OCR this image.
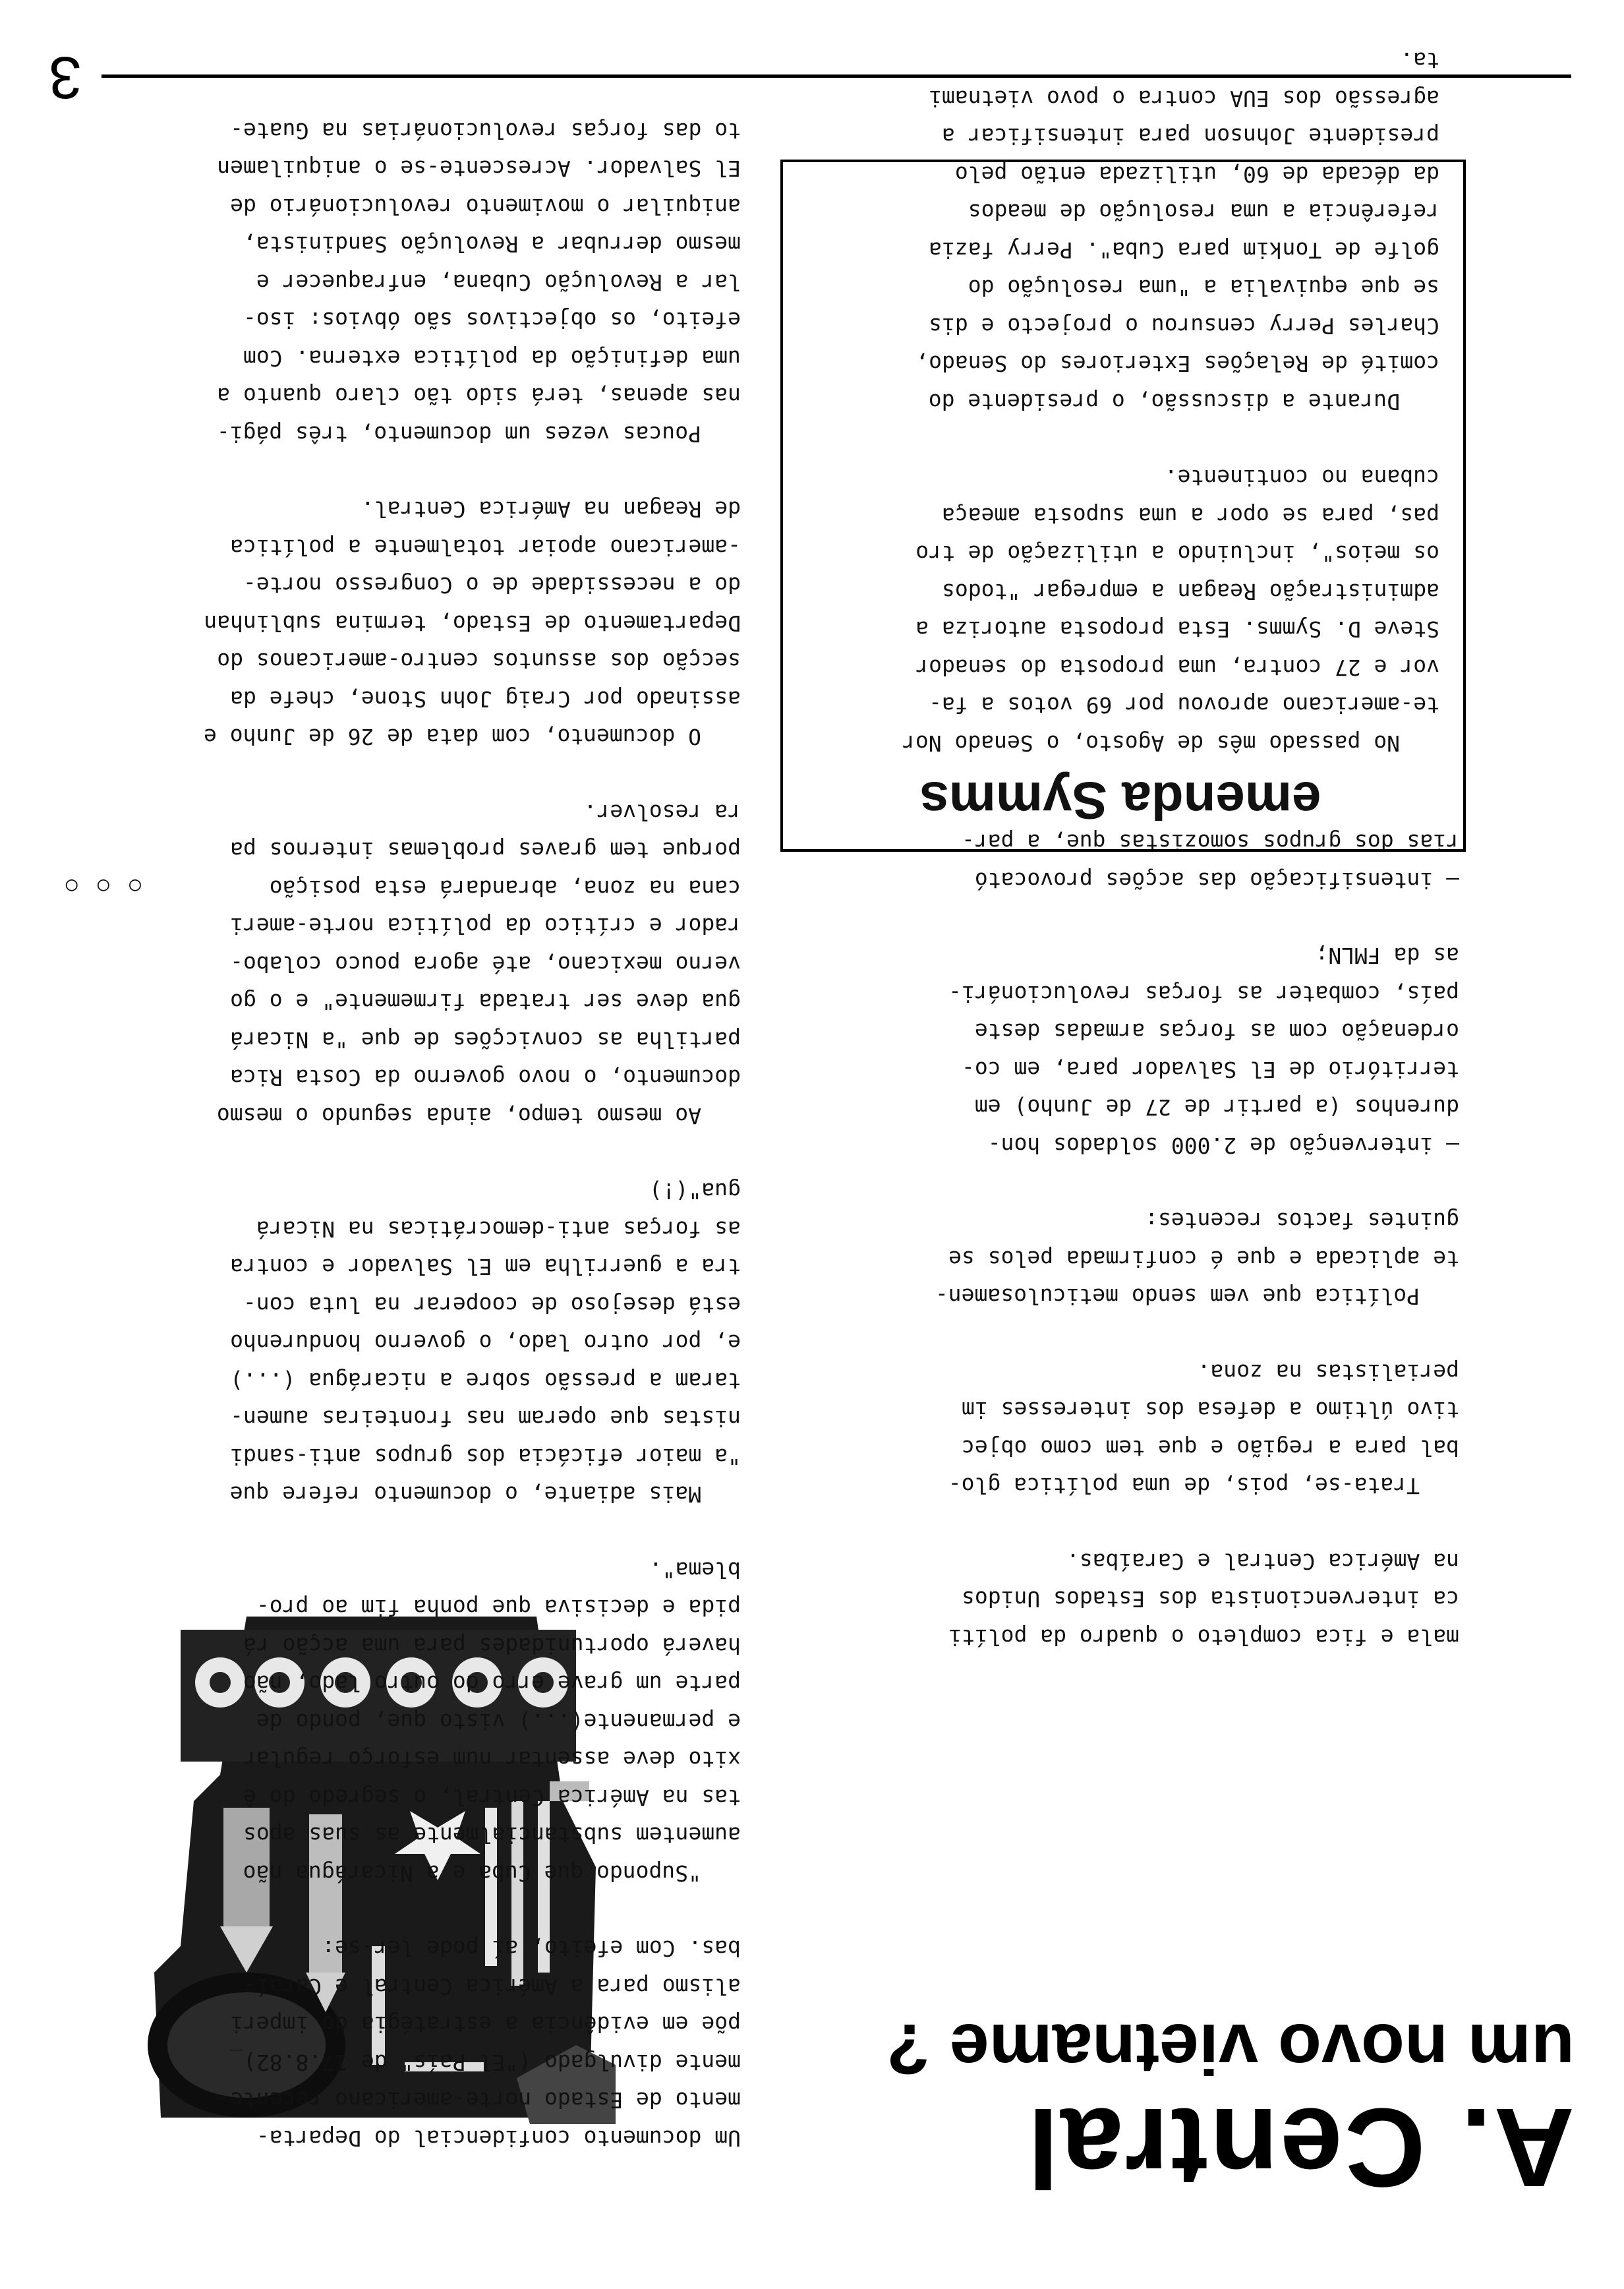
A. Central
um novo vietname ?

Um documento confidencial do Departa-
mento de Estado norte-americano recente-
mente divulgado ("El País" de 17.8.82)_
põe em evidência a estratégia do imperi
alismo para a América Central e Caraí-
bas. Com efeito, aí pode ler-se:

"Supondo que Cuba e a Nicarágua não
aumentem substancialmente as suas apos
tas na América Central, o segredo do ê
xito deve assentar num esforço regular
e permanente(...) visto que, pondo de
parte um grave erro do outro lado, não
haverá oportunidades para uma acção rá
pida e decisiva que ponha fim ao pro-
blema".

Mais adiante, o documento refere que
"a maior eficácia dos grupos anti-sandi
nistas que operam nas fronteiras aumen-
taram a pressão sobre a nicarágua (...)
e, por outro lado, o governo hondurenho
está desejoso de cooperar na luta con-
tra a guerrilha em El Salvador e contra
as forças anti-democráticas na Nicará
gua"(!)

Ao mesmo tempo, ainda segundo o mesmo
documento, o novo governo da Costa Rica
partilha as convicções de que "a Nicará
gua deve ser tratada firmemente" e o go
verno mexicano, até agora pouco colabo-
rador e crítico da política norte-ameri
cana na zona, abrandará esta posição
porque tem graves problemas internos pa
ra resolver.

O documento, com data de 26 de Junho e
assinado por Craig John Stone, chefe da
secção dos assuntos centro-americanos do
Departamento de Estado, termina sublinhan
do a necessidade de o Congresso norte-
-americano apoiar totalmente a política
de Reagan na América Central.

Poucas vezes um documento, três pági-
nas apenas, terá sido tão claro quanto a
uma definição da política externa. Com
efeito, os objectivos são óbvios: iso-
lar a Revolução Cubana, enfraquecer e
mesmo derrubar a Revolução Sandinista,
aniquilar o movimento revolucionário de
El Salvador. Acrescente-se o aniquilamen
to das forças revolucionárias na Guate-

mala e fica completo o quadro da políti
ca intervencionista dos Estados Unidos
na América Central e Caraíbas.

Trata-se, pois, de uma política glo-
bal para a região e que tem como objec
tivo último a defesa dos interesses im
perialistas na zona.

Política que vem sendo meticulosamen-
te aplicada e que é confirmada pelos se
guintes factos recentes:

– intervenção de 2.000 soldados hon-
durenhos (a partir de 27 de Junho) em
território de El Salvador para, em co-
ordenação com as forças armadas deste
país, combater as forças revolucionári-
as da FMLN;
– intensificação das acções provocató
rias dos grupos somozistas que, a par-
○ ○ ○
emenda Symms

No passado mês de Agosto, o Senado Nor
te-americano aprovou por 69 votos a fa-
vor e 27 contra, uma proposta do senador
Steve D. Symms. Esta proposta autoriza a
administração Reagan a empregar "todos
os meios", incluindo a utilização de tro
pas, para se opor a uma suposta ameaça
cubana no continente.

Durante a discussão, o presidente do
comité de Relações Exteriores do Senado,
Charles Perry censurou o projecto e dis
se que equivalia a "uma resolução do
golfe de Tonkim para Cuba". Perry fazia
referência a uma resolução de meados
da década de 60, utilizada então pelo
presidente Johnson para intensificar a
agressão dos EUA contra o povo vietnami
ta.

3
